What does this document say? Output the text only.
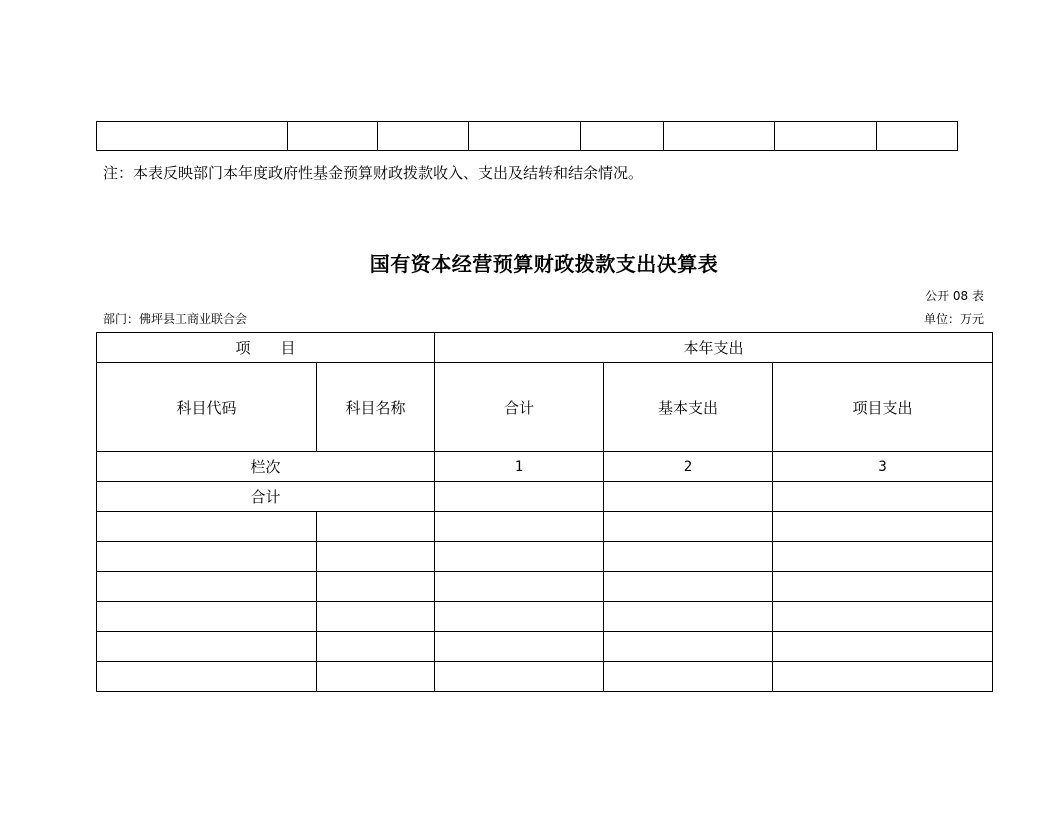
注：本表反映部门本年度政府性基金预算财政拨款收入、支出及结转和结余情况。
国有资本经营预算财政拨款支出决算表
公开 08 表
部门：佛坪县工商业联合会	单位：万元
项　　目		本年支出		
科目代码	科目名称	合计	基本支出	项目支出
栏次		1	2	3
合计				
